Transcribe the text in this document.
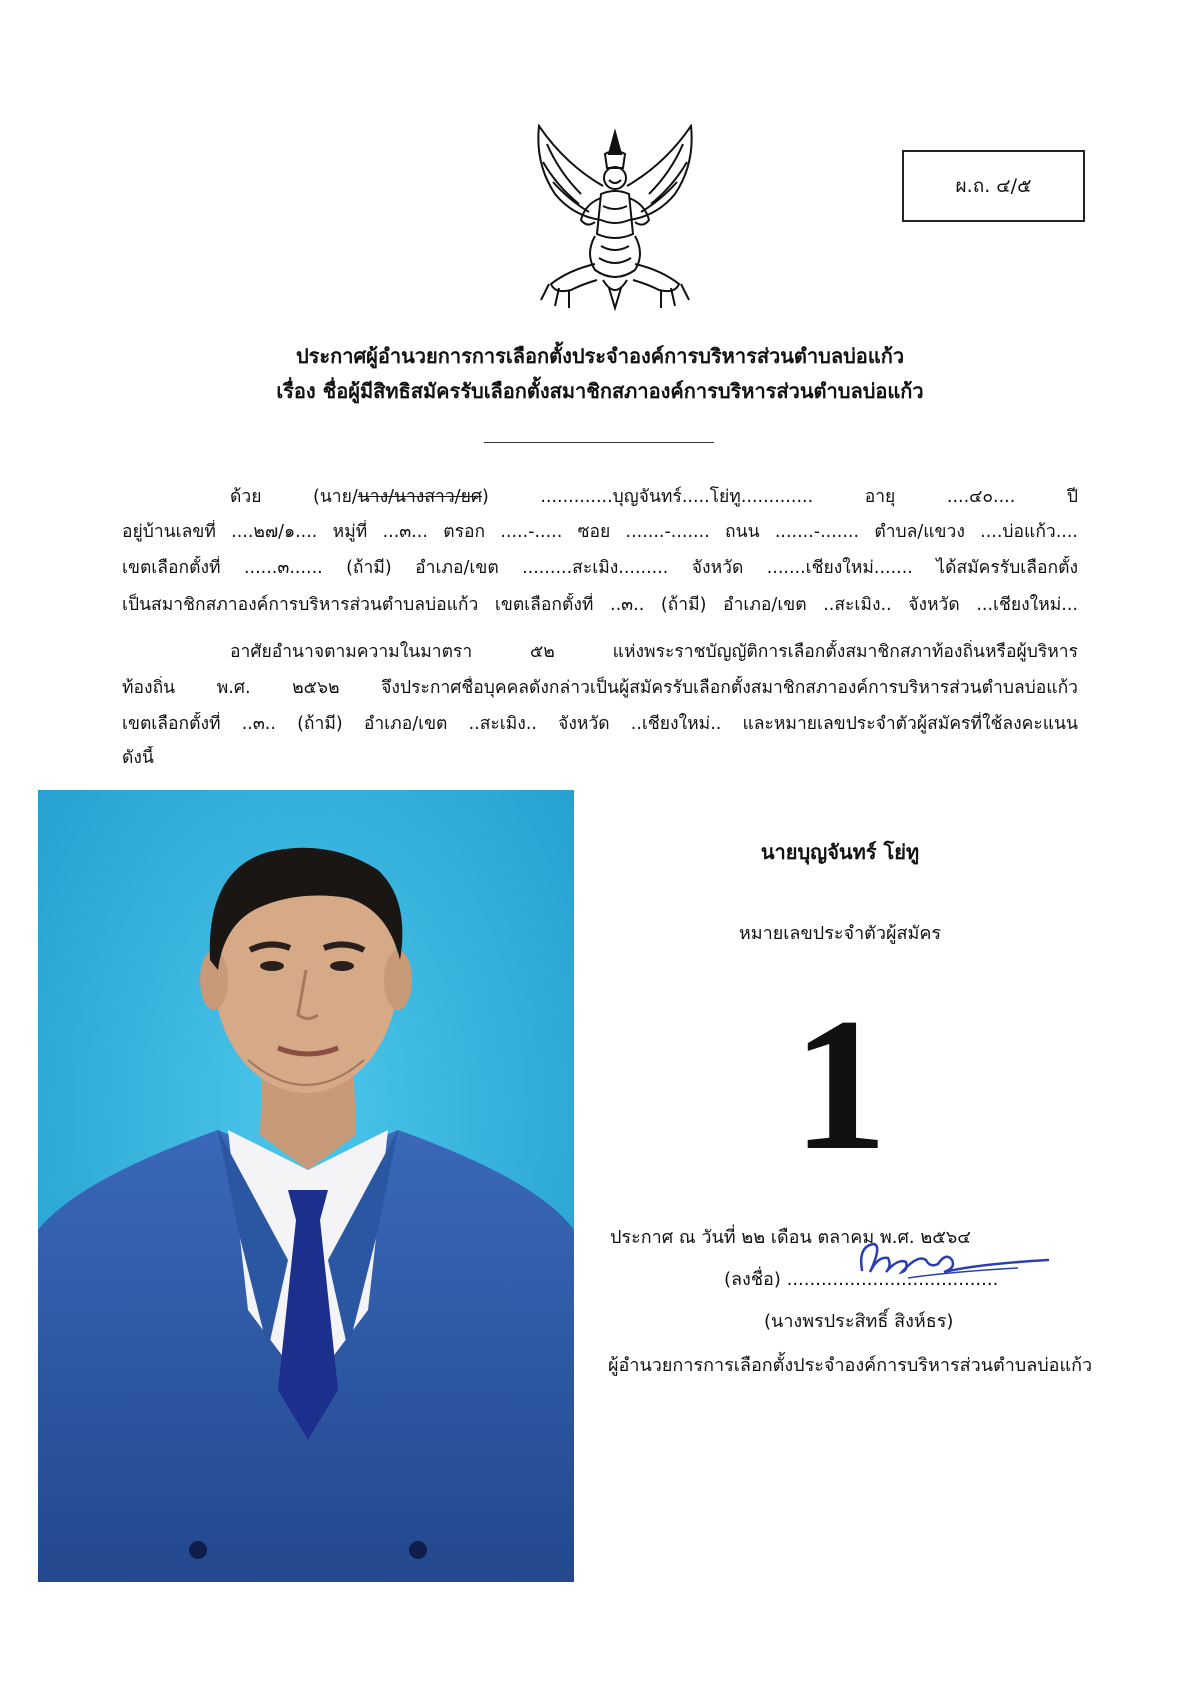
ผ.ถ. ๔/๕
ประกาศผู้อำนวยการการเลือกตั้งประจำองค์การบริหารส่วนตำบลบ่อแก้ว
เรื่อง ชื่อผู้มีสิทธิสมัครรับเลือกตั้งสมาชิกสภาองค์การบริหารส่วนตำบลบ่อแก้ว
ด้วย (นาย/นาง/นางสาว/ยศ) .............บุญจันทร์.....โย่ทู............. อายุ ....๔๐.... ปี
อยู่บ้านเลขที่ ....๒๗/๑.... หมู่ที่ ...๓... ตรอก .....-..... ซอย .......-....... ถนน .......-....... ตำบล/แขวง ....บ่อแก้ว....
เขตเลือกตั้งที่ ......๓...... (ถ้ามี) อำเภอ/เขต .........สะเมิง......... จังหวัด .......เชียงใหม่....... ได้สมัครรับเลือกตั้ง
เป็นสมาชิกสภาองค์การบริหารส่วนตำบลบ่อแก้ว เขตเลือกตั้งที่ ..๓.. (ถ้ามี) อำเภอ/เขต ..สะเมิง.. จังหวัด ...เชียงใหม่...
อาศัยอำนาจตามความในมาตรา ๕๒ แห่งพระราชบัญญัติการเลือกตั้งสมาชิกสภาท้องถิ่นหรือผู้บริหาร
ท้องถิ่น พ.ศ. ๒๕๖๒ จึงประกาศชื่อบุคคลดังกล่าวเป็นผู้สมัครรับเลือกตั้งสมาชิกสภาองค์การบริหารส่วนตำบลบ่อแก้ว
เขตเลือกตั้งที่ ..๓.. (ถ้ามี) อำเภอ/เขต ..สะเมิง.. จังหวัด ..เชียงใหม่.. และหมายเลขประจำตัวผู้สมัครที่ใช้ลงคะแนน
ดังนี้
นายบุญจันทร์ โย่ทู
หมายเลขประจำตัวผู้สมัคร
1
ประกาศ ณ วันที่ ๒๒ เดือน ตลาคม พ.ศ. ๒๕๖๔
(ลงชื่อ) .....................................
(นางพรประสิทธิ์ สิงห์ธร)
ผู้อำนวยการการเลือกตั้งประจำองค์การบริหารส่วนตำบลบ่อแก้ว
